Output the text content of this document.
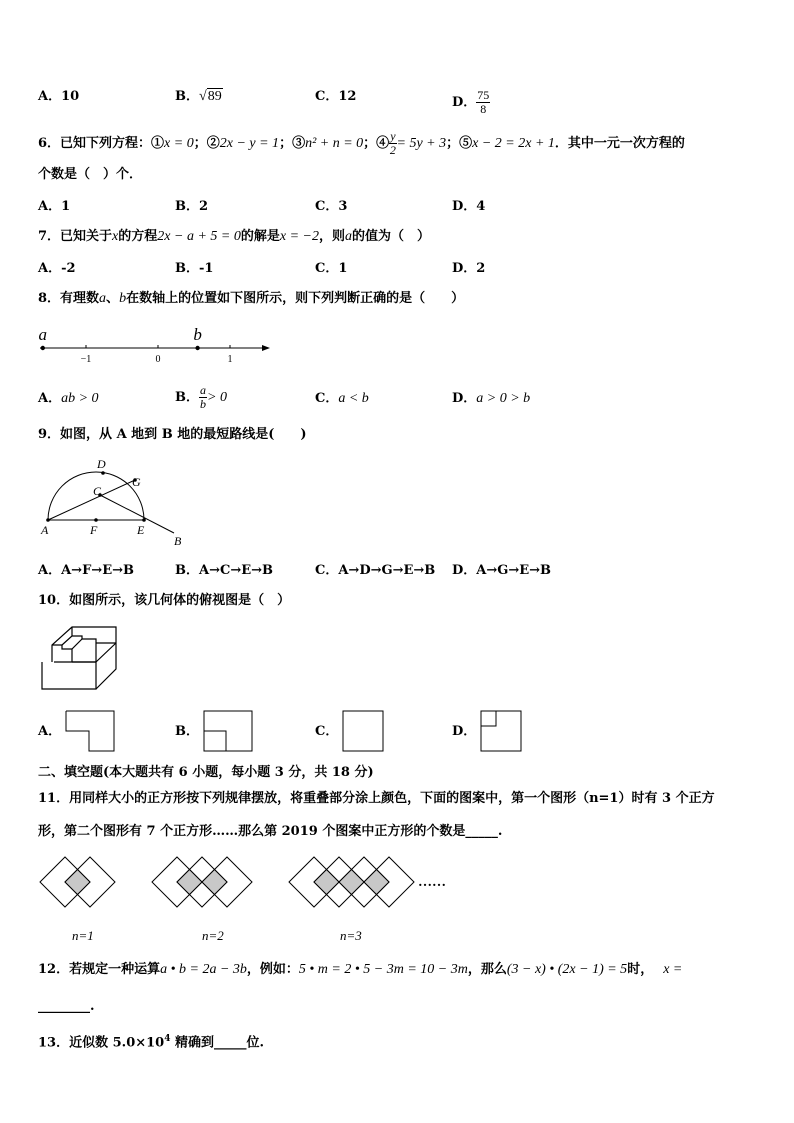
A．10	B．√89	C．12	D． $\frac{75}{8}$
6．已知下列方程：①x = 0；②2x − y = 1；③n² + n = 0；④ $\frac{y}{2} = 5y + 3$；⑤x − 2 = 2x + 1．其中一元一次方程的
个数是（　）个．
A．1	B．2	C．3	D．4
7．已知关于x的方程2x − a + 5 = 0的解是x = −2，则a的值为（　）
A．-2	B．-1	C．1	D．2
8．有理数a、b在数轴上的位置如下图所示，则下列判断正确的是（　　）
−1	0	1
a	b
A．ab > 0	B． $\frac{a}{b} > 0$	C．a < b	D．a > 0 > b
9．如图，从 A 地到 B 地的最短路线是(　　)
A	F	E
C
D
G
B
A．A→F→E→B	B．A→C→E→B	C．A→D→G→E→B D．A→G→E→B
10．如图所示，该几何体的俯视图是（　）
A．	B．	C．	D．
二、填空题(本大题共有 6 小题，每小题 3 分，共 18 分)
11．用同样大小的正方形按下列规律摆放，将重叠部分涂上颜色，下面的图案中，第一个图形（n=1）时有 3 个正方
形，第二个图形有 7 个正方形……那么第 2019 个图案中正方形的个数是_____.
……
n=1	n=2	n=3
12．若规定一种运算a • b = 2a − 3b，例如：5 • m = 2 • 5 − 3m = 10 − 3m，那么(3 − x) • (2x − 1) = 5时， x =
________.
13．近似数 $5.0\times 10^4$ 精确到_____位.
